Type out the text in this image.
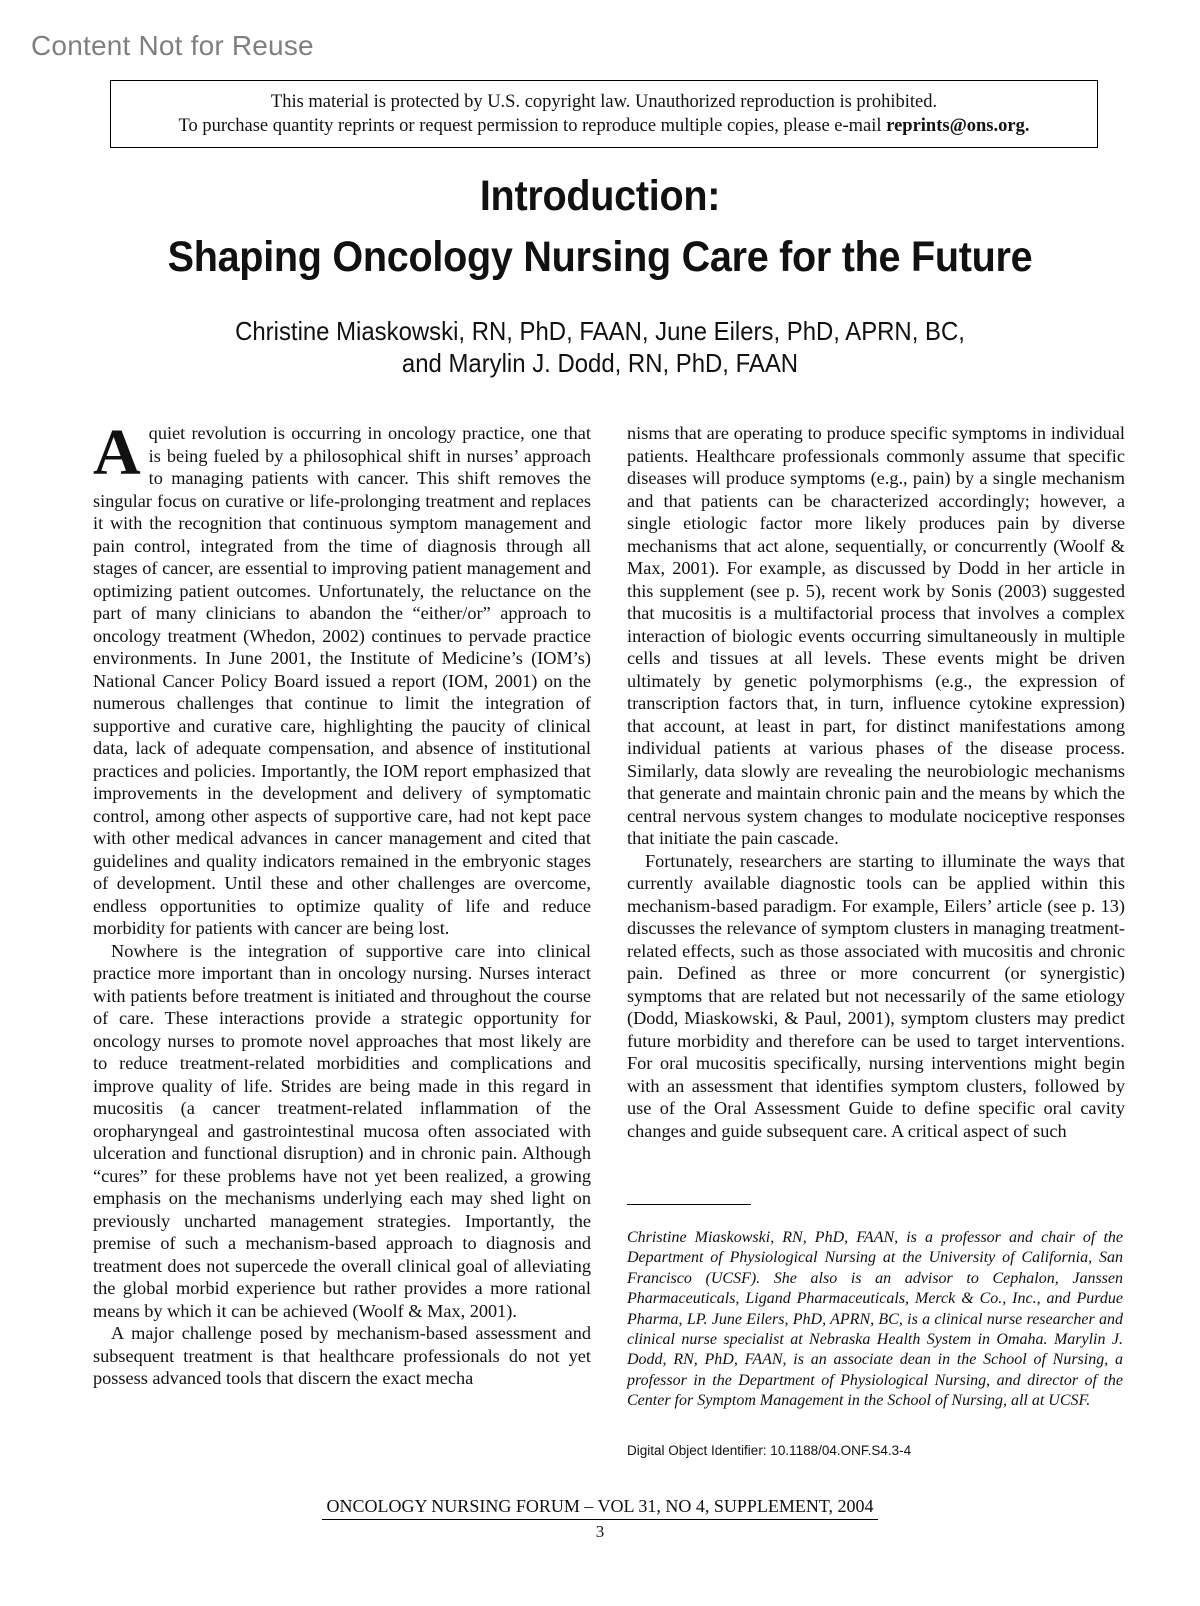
Content Not for Reuse
This material is protected by U.S. copyright law. Unauthorized reproduction is prohibited.
To purchase quantity reprints or request permission to reproduce multiple copies, please e-mail reprints@ons.org.
Introduction:
Shaping Oncology Nursing Care for the Future
Christine Miaskowski, RN, PhD, FAAN, June Eilers, PhD, APRN, BC,
and Marylin J. Dodd, RN, PhD, FAAN

A quiet revolution is occurring in oncology practice, one that is being fueled by a philosophical shift in nurses’ approach to managing patients with cancer. This shift removes the singular focus on curative or life-prolonging treatment and replaces it with the recognition that continuous symptom management and pain control, integrated from the time of diagnosis through all stages of cancer, are essential to improving patient management and optimizing patient outcomes. Unfortunately, the reluctance on the part of many clinicians to abandon the “either/or” approach to oncology treatment (Whedon, 2002) continues to pervade practice environments. In June 2001, the Institute of Medicine’s (IOM’s) National Cancer Policy Board issued a report (IOM, 2001) on the numerous challenges that continue to limit the integration of supportive and curative care, highlighting the paucity of clinical data, lack of adequate compensation, and absence of institutional practices and policies. Importantly, the IOM report emphasized that improvements in the development and delivery of symptomatic control, among other aspects of supportive care, had not kept pace with other medical advances in cancer management and cited that guidelines and quality indicators remained in the embryonic stages of development. Until these and other challenges are overcome, endless opportunities to optimize quality of life and reduce morbidity for patients with cancer are being lost.

Nowhere is the integration of supportive care into clinical practice more important than in oncology nursing. Nurses interact with patients before treatment is initiated and throughout the course of care. These interactions provide a strategic opportunity for oncology nurses to promote novel approaches that most likely are to reduce treatment-related morbidities and complications and improve quality of life. Strides are being made in this regard in mucositis (a cancer treatment-related inflammation of the oropharyngeal and gastrointestinal mucosa often associated with ulceration and functional disruption) and in chronic pain. Although “cures” for these problems have not yet been realized, a growing emphasis on the mechanisms underlying each may shed light on previously uncharted management strategies. Importantly, the premise of such a mechanism-based approach to diagnosis and treatment does not supercede the overall clinical goal of alleviating the global morbid experience but rather provides a more rational means by which it can be achieved (Woolf & Max, 2001).

A major challenge posed by mechanism-based assessment and subsequent treatment is that healthcare professionals do not yet possess advanced tools that discern the exact mecha

nisms that are operating to produce specific symptoms in individual patients. Healthcare professionals commonly assume that specific diseases will produce symptoms (e.g., pain) by a single mechanism and that patients can be characterized accordingly; however, a single etiologic factor more likely produces pain by diverse mechanisms that act alone, sequentially, or concurrently (Woolf & Max, 2001). For example, as discussed by Dodd in her article in this supplement (see p. 5), recent work by Sonis (2003) suggested that mucositis is a multifactorial process that involves a complex interaction of biologic events occurring simultaneously in multiple cells and tissues at all levels. These events might be driven ultimately by genetic polymorphisms (e.g., the expression of transcription factors that, in turn, influence cytokine expression) that account, at least in part, for distinct manifestations among individual patients at various phases of the disease process. Similarly, data slowly are revealing the neurobiologic mechanisms that generate and maintain chronic pain and the means by which the central nervous system changes to modulate nociceptive responses that initiate the pain cascade.

Fortunately, researchers are starting to illuminate the ways that currently available diagnostic tools can be applied within this mechanism-based paradigm. For example, Eilers’ article (see p. 13) discusses the relevance of symptom clusters in managing treatment-related effects, such as those associated with mucositis and chronic pain. Defined as three or more concurrent (or synergistic) symptoms that are related but not necessarily of the same etiology (Dodd, Miaskowski, & Paul, 2001), symptom clusters may predict future morbidity and therefore can be used to target interventions. For oral mucositis specifically, nursing interventions might begin with an assessment that identifies symptom clusters, followed by use of the Oral Assessment Guide to define specific oral cavity changes and guide subsequent care. A critical aspect of such

Christine Miaskowski, RN, PhD, FAAN, is a professor and chair of the Department of Physiological Nursing at the University of California, San Francisco (UCSF). She also is an advisor to Cephalon, Janssen Pharmaceuticals, Ligand Pharmaceuticals, Merck & Co., Inc., and Purdue Pharma, LP. June Eilers, PhD, APRN, BC, is a clinical nurse researcher and clinical nurse specialist at Nebraska Health System in Omaha. Marylin J. Dodd, RN, PhD, FAAN, is an associate dean in the School of Nursing, a professor in the Department of Physiological Nursing, and director of the Center for Symptom Management in the School of Nursing, all at UCSF.
Digital Object Identifier: 10.1188/04.ONF.S4.3-4
ONCOLOGY NURSING FORUM – VOL 31, NO 4, SUPPLEMENT, 2004
3
